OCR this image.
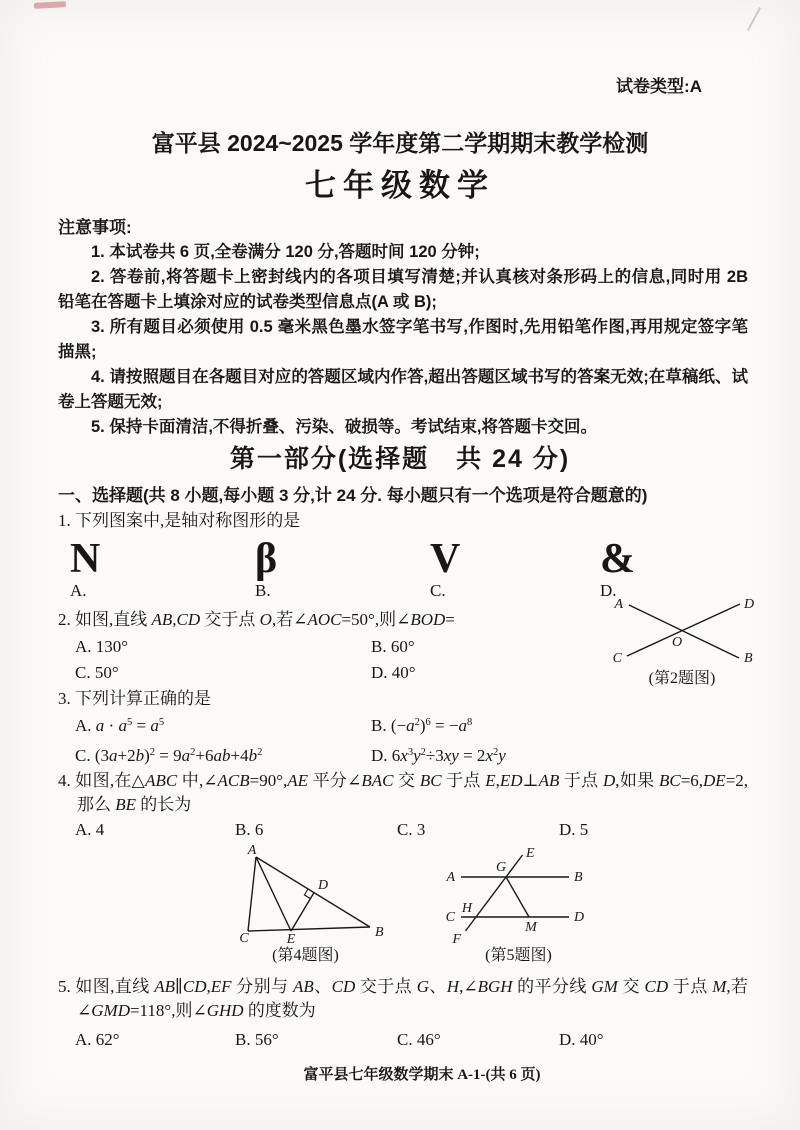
试卷类型:A
富平县 2024~2025 学年度第二学期期末教学检测
七年级数学
注意事项:

1. 本试卷共 6 页,全卷满分 120 分,答题时间 120 分钟;

2. 答卷前,将答题卡上密封线内的各项目填写清楚;并认真核对条形码上的信息,同时用 2B 铅笔在答题卡上填涂对应的试卷类型信息点(A 或 B);

3. 所有题目必须使用 0.5 毫米黑色墨水签字笔书写,作图时,先用铅笔作图,再用规定签字笔描黑;

4. 请按照题目在各题目对应的答题区域内作答,超出答题区域书写的答案无效;在草稿纸、试卷上答题无效;

5. 保持卡面清洁,不得折叠、污染、破损等。考试结束,将答题卡交回。

第一部分(选择题　共 24 分)
一、选择题(共 8 小题,每小题 3 分,计 24 分. 每小题只有一个选项是符合题意的)

1. 下列图案中,是轴对称图形的是

N
A.
β
B.
V
C.
&
D.

2. 如图,直线 AB,CD 交于点 O,若∠AOC=50°,则∠BOD=

A. 130°	B. 60°
C. 50°	D. 40°
A	D
C	B
O
(第2题图)

3. 下列计算正确的是

A. $a \cdot a^5 = a^5$	B. $(-a^2)^6 = -a^8$
C. $(3a+2b)^2 = 9a^2+6ab+4b^2$	D. $6x^3y^2\div 3xy = 2x^2y$

4. 如图,在△ABC 中,∠ACB=90°,AE 平分∠BAC 交 BC 于点 E,ED⊥AB 于点 D,如果 BC=6,DE=2,那么 BE 的长为

A. 4	B. 6	C. 3	D. 5
A
C	E	B
D
(第4题图)
E
G
A	B
H
C	D
M
F
(第5题图)

5. 如图,直线 AB∥CD,EF 分别与 AB、CD 交于点 G、H,∠BGH 的平分线 GM 交 CD 于点 M,若∠GMD=118°,则∠GHD 的度数为

A. 62°	B. 56°	C. 46°	D. 40°
富平县七年级数学期末 A-1-(共 6 页)
